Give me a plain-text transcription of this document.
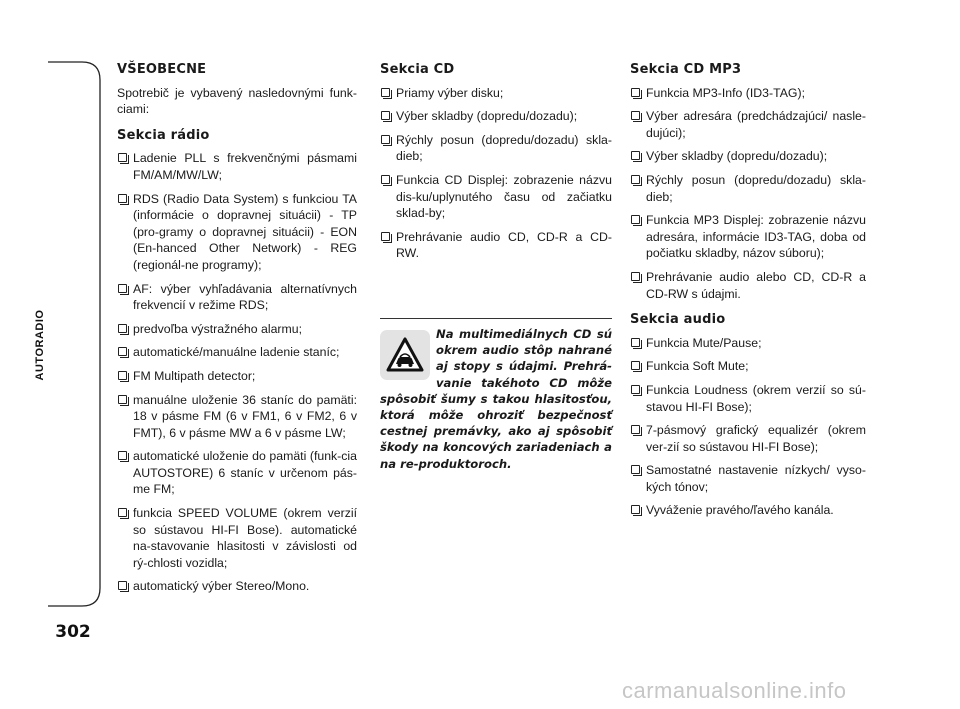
AUTORADIO
302
VŠEOBECNE

Spotrebič je vybavený nasledovnými funk-ciami:

Sekcia rádio
Ladenie PLL s frekvenčnými pásmami FM/AM/MW/LW;
RDS (Radio Data System) s funkciou TA (informácie o dopravnej situácii) - TP (pro-gramy o dopravnej situácii) - EON (En-hanced Other Network) - REG (regionál-ne programy);
AF: výber vyhľadávania alternatívnych frekvencií v režime RDS;
predvoľba výstražného alarmu;
automatické/manuálne ladenie staníc;
FM Multipath detector;
manuálne uloženie 36 staníc do pamäti: 18 v pásme FM (6 v FM1, 6 v FM2, 6 v FMT), 6 v pásme MW a 6 v pásme LW;
automatické uloženie do pamäti (funk-cia AUTOSTORE) 6 staníc v určenom pás-me FM;
funkcia SPEED VOLUME (okrem verzií so sústavou HI-FI Bose). automatické na-stavovanie hlasitosti v závislosti od rý-chlosti vozidla;
automatický výber Stereo/Mono.
Sekcia CD
Priamy výber disku;
Výber skladby (dopredu/dozadu);
Rýchly posun (dopredu/dozadu) skla-dieb;
Funkcia CD Displej: zobrazenie názvu dis-ku/uplynutého času od začiatku sklad-by;
Prehrávanie audio CD, CD-R a CD-RW.
Na multimediálnych CD sú okrem audio stôp nahrané aj stopy s údajmi. Prehrá-vanie takéhoto CD môže spôsobiť šumy s takou hlasitosťou, ktorá môže ohroziť bezpečnosť cestnej premávky, ako aj spôsobiť škody na koncových zariadeniach a na re-produktoroch.
Sekcia CD MP3
Funkcia MP3-Info (ID3-TAG);
Výber adresára (predchádzajúci/ nasle-dujúci);
Výber skladby (dopredu/dozadu);
Rýchly posun (dopredu/dozadu) skla-dieb;
Funkcia MP3 Displej: zobrazenie názvu adresára, informácie ID3-TAG, doba od počiatku skladby, názov súboru);
Prehrávanie audio alebo CD, CD-R a CD-RW s údajmi.
Sekcia audio
Funkcia Mute/Pause;
Funkcia Soft Mute;
Funkcia Loudness (okrem verzií so sú-stavou HI-FI Bose);
7-pásmový grafický equalizér (okrem ver-zií so sústavou HI-FI Bose);
Samostatné nastavenie nízkych/ vyso-kých tónov;
Vyváženie pravého/ľavého kanála.
carmanualsonline.info
